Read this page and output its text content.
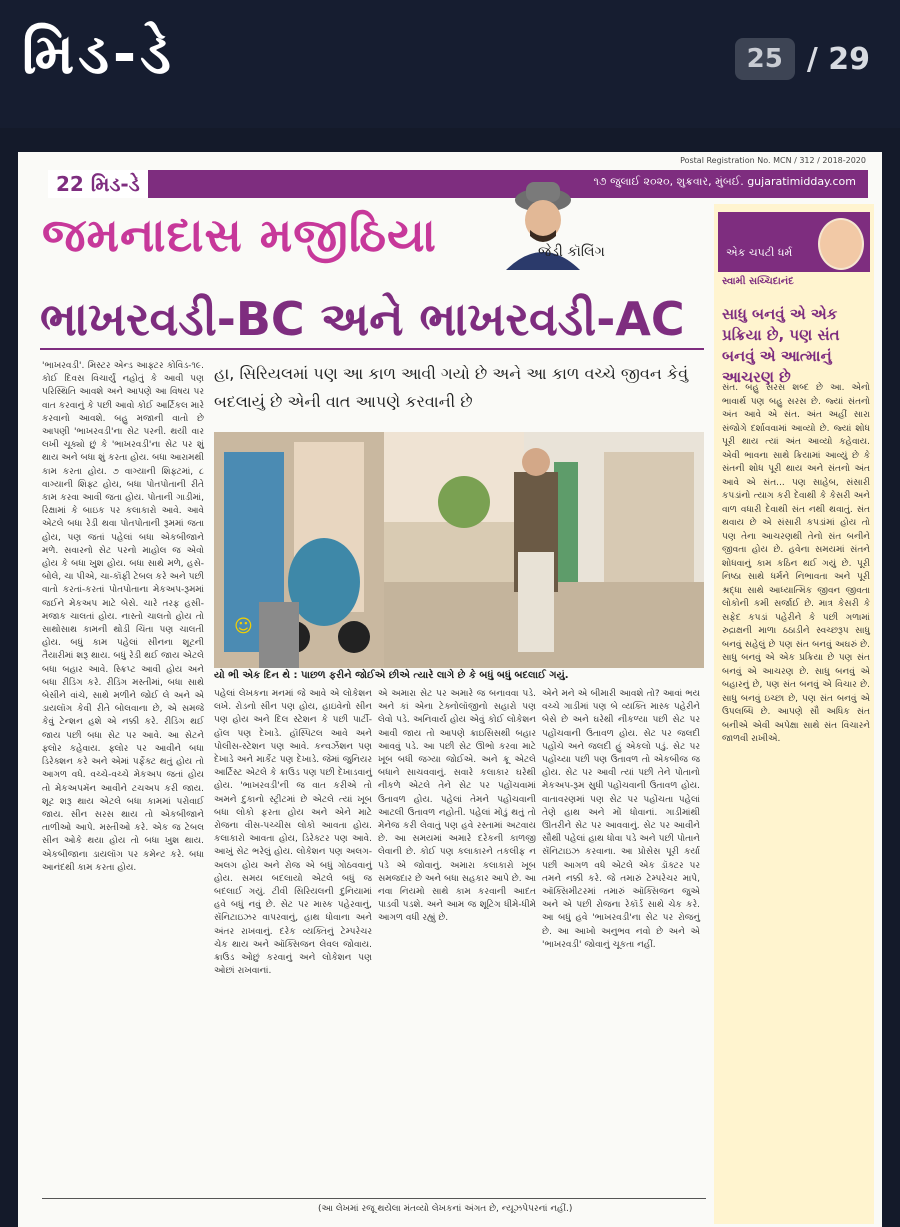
મિડ-ડે	25 / 29
Postal Registration No. MCN / 312 / 2018-2020
22 મિડ-ડે	૧૭ જુલાઈ ૨૦૨૦, શુક્રવાર, મુંબઈ. gujaratimidday.com
જમનાદાસ મજીઠિયા	જેડી કૉલિંગ
ભાખરવડી-BC અને ભાખરવડી-AC
'ભાખરવડી'. મિસ્ટર એન્ડ આફ્ટર કોવિડ-૧૯. કોઈ દિવસ વિચાર્યું નહોતું કે આવી પણ પરિસ્થિતિ આવશે અને આપણે આ વિષય પર વાત કરવાનું કે પછી આવો કોઈ આર્ટિકલ મારે કરવાનો આવશે. બહુ મજાની વાતો છે આપણી 'ભાખરવડી'ના સેટ પરની. થયી વાર લખી ચૂક્યો છું કે 'ભાખરવડી'ના સેટ પર શું થાય અને બધા શું કરતા હોય. બધા આરામથી કામ કરતા હોય. ૭ વાગ્યાની શિફ્ટમાં, ૮ વાગ્યાની શિફ્ટ હોય, બધા પોતપોતાની રીતે કામ કરવા આવી જતા હોય. પોતાની ગાડીમાં, રિક્ષામાં કે બાઇક પર કલાકારો આવે. આવે એટલે બધા રેડી થવા પોતપોતાની રૂમમાં જતા હોય, પણ જતાં પહેલાં બધા એકબીજાને મળે. સવારનો સેટ પરનો માહોલ જ એવો હોય કે બધા ખુશ હોય. બધા સાથે મળે, હસે-બોલે, ચા પીએ, ચા-કૉફી ટેબલ કરે અને પછી વાતો કરતાં-કરતાં પોતપોતાના મેકઅપ-રૂમમાં જઈને મેકઅપ માટે બેસે. ચારે તરફ હસી-મજાક ચાલતાં હોય. નાસ્તો ચાલતો હોય તો સાથોસાથ કામની થોડી ચિંતા પણ ચાલતી હોય. બધું કામ પહેલાં સીનના શૂટની તૈયારીમાં શરૂ થાય. બધું રેડી થઈ જાય એટલે બધા બહાર આવે. સ્ક્રિપ્ટ આવી હોય અને બધા રીડિંગ કરે. રીડિંગ મસ્તીમાં, બધા સાથે બેસીને વાંચે, સાથે મળીને જોઈ લે અને એ ડાયલૉગ કેવી રીતે બોલવાના છે, એ સમજે કેવું ટેન્શન હશે એ નક્કી કરે. રીડિંગ થઈ જાય પછી બધા સેટ પર આવે. આ સેટને ફ્લોર કહેવાય. ફ્લોર પર આવીને બધા ડિરેક્શન કરે અને એમાં પર્ફેક્ટ થતું હોય તો આગળ વધે. વચ્ચે-વચ્ચે મેકઅપ જતાં હોય તો મેકઅપમૅન આવીને ટચઅપ કરી જાય. શૂટ શરૂ થાય એટલે બધા કામમાં પરોવાઈ જાય. સીન સરસ થાય તો એકબીજાને તાળીઓ આપે. મસ્તીઓ કરે. એક જ ટેબલ સીન ઓકે થયા હોય તો બધા ખુશ થાય. એકબીજાના ડાયલૉગ પર કમેન્ટ કરે. બધા આનંદથી કામ કરતા હોય.
હા, સિરિયલમાં પણ આ કાળ આવી ગયો છે અને આ કાળ વચ્ચે જીવન કેવું બદલાયું છે એની વાત આપણે કરવાની છે
☺
યો ભી એક દિન થે : પાછળ ફરીને જોઈએ છીએ ત્યારે લાગે છે કે બધું બધું બદલાઈ ગયું.
પહેલાં લેખકના મનમાં જે આવે એ લોકેશન લખે. રોડનો સીન પણ હોય, હાઇવેનો સીન પણ હોય અને દિલ સ્ટેશન કે પછી પાર્ટી-હૉલ પણ દેખાડે. હૉસ્પિટલ આવે અને પોલીસ-સ્ટેશન પણ આવે. કન્વર્ઝેશન પણ દેખાડે અને માર્કેટ પણ દેખાડે. જેમાં જુનિયર આર્ટિસ્ટ એટલે કે ક્રાઉડ પણ પછી દેખાડવાનું હોય. 'ભાખરવડી'ની જ વાત કરીએ તો અમને દુકાનો સ્ટ્રીટમાં છે એટલે ત્યાં ખૂબ બધા લોકો ફરતા હોય અને એને માટે રોજના વીસ-પચ્ચીસ લોકો આવતા હોય. કલાકારો આવતા હોય, ડિરેક્ટર પણ આવે. આખું સેટ ભરેલું હોય. લોકેશન પણ અલગ-અલગ હોય અને રોજ એ બધું ગોઠવવાનું હોય. સમય બદલાયો એટલે બધું જ બદલાઈ ગયું. ટીવી સિરિયલની દુનિયામાં હવે બધું નવું છે. સેટ પર માસ્ક પહેરવાનું, સૅનિટાઇઝર વાપરવાનું, હાથ ધોવાના અને અંતર રાખવાનું. દરેક વ્યક્તિનું ટેમ્પરેચર ચેક થાય અને ઑક્સિજન લેવલ જોવાય. ક્રાઉડ ઓછું કરવાનું અને લોકેશન પણ ઓછાં રાખવાનાં.
એ અમારા સેટ પર અમારે જ બનાવવા પડે. અને કાં એના ટેક્નોલૉજીનો સહારો પણ લેવો પડે. અનિવાર્ય હોય એવું કોઈ લોકેશન આવી જાય તો આપણે ક્રાઇસિસથી બહાર આવવું પડે. આ પછી સેટ ઊભો કરવા માટે ખૂબ બધી જગ્યા જોઈએ. અને ક્રૂ એટલે બધાને સાચવવાનું. સવારે કલાકાર ઘરેથી નીકળે એટલે તેને સેટ પર પહોંચવામાં ઉતાવળ હોય. પહેલાં તેમને પહોંચવાની આટલી ઉતાવળ નહોતી. પહેલાં મોડું થતું તો મેનેજ કરી લેવાતું પણ હવે રસ્તામાં અટવાય છે. આ સમયમાં અમારે દરેકની કાળજી લેવાની છે. કોઈ પણ કલાકારને તકલીફ ન પડે એ જોવાનું. અમારા કલાકારો ખૂબ સમજદાર છે અને બધા સહકાર આપે છે. આ નવા નિયમો સાથે કામ કરવાની આદત પાડવી પડશે. અને આમ જ શૂટિંગ ધીમે-ધીમે આગળ વધી રહ્યું છે.
એને મને એ બીમારી આવશે તો? આવાં ભય વચ્ચે ગાડીમાં પણ બે વ્યક્તિ માસ્ક પહેરીને બેસે છે અને ઘરેથી નીકળ્યા પછી સેટ પર પહોંચવાની ઉતાવળ હોય. સેટ પર જલદી પહોંચે અને જલદી હું એકલો પડું. સેટ પર પહોંચ્યા પછી પણ ઉતાવળ તો એકબીજ જ હોય. સેટ પર આવી ત્યાં પછી તેને પોતાનો મેકઅપ-રૂમ સુધી પહોંચવાની ઉતાવળ હોય. વાતાવરણમાં પણ સેટ પર પહોંચતા પહેલાં તેણે હાથ અને મોં ધોવાનાં. ગાડીમાંથી ઊતરીને સેટ પર આવવાનું. સેટ પર આવીને સૌથી પહેલાં હાથ ધોવા પડે અને પછી પોતાને સૅનિટાઇઝ કરવાના. આ પ્રોસેસ પૂરી કર્યા પછી આગળ વધે એટલે એક ડૉક્ટર પર તમને નક્કી કરે. જે તમારું ટેમ્પરેચર માપે, ઑક્સિમીટરમાં તમારું ઑક્સિજન જુએ અને એ પછી રોજના રેકૉર્ડ સાથે ચેક કરે. આ બધું હવે 'ભાખરવડી'ના સેટ પર રોજનું છે. આ આખો અનુભવ નવો છે અને એ 'ભાખરવડી' જોવાનું ચૂકતા નહીં.
એક ચપટી ધર્મ
સ્વામી સચ્ચિદાનંદ
સાધુ બનવું એ એક પ્રક્રિયા છે, પણ સંત બનવું એ આત્માનું આચરણ છે
સંત. બહુ સરસ શબ્દ છે આ. એનો ભાવાર્થ પણ બહુ સરસ છે. જ્યાં સંતનો અંત આવે એ સંત. અંત અહીં સારા સંજોગે દર્શાવવામાં આવ્યો છે. જ્યાં શોધ પૂરી થાય ત્યાં અંત આવ્યો કહેવાય. એવી ભાવના સાથે ક્રિયામાં આવ્યું છે કે સંતની શોધ પૂરી થાય અને સંતનો અંત આવે એ સંત... પણ સાહેબ, સંસારી કપડાંનો ત્યાગ કરી દેવાથી કે કેસરી અને વાળ વધારી દેવાથી સંત નથી થવાતું. સંત થવાય છે એ સંસારી કપડાંમાં હોય તો પણ તેના આચરણથી તેનો સંત બનીને જીવતા હોય છે. હવેના સમયમાં સંતને શોધવાનું કામ કઠિન થઈ ગયું છે. પૂરી નિષ્ઠા સાથે ધર્મને નિભાવતા અને પૂરી શ્રદ્ધા સાથે આધ્યાત્મિક જીવન જીવતા લોકોની કમી સર્જાઈ છે. માત્ર કેસરી કે સફેદ કપડાં પહેરીને કે પછી ગળામાં રુદ્રાક્ષની માળા ઠઠાડીને સ્વચ્છરૂપ સાધુ બનવું સહેલું છે પણ સંત બનવું અઘરું છે. સાધુ બનવું એ એક પ્રક્રિયા છે પણ સંત બનવું એ આચરણ છે. સાધુ બનવું એ બહારનું છે, પણ સંત બનવું એ વિચાર છે. સાધુ બનવું ઇચ્છા છે, પણ સંત બનવું એ ઉપલબ્ધિ છે. આપણે સૌ અધિક સંત બનીએ એવી અપેક્ષા સાથે સંત વિચારને જાળવી રાખીએ.
(આ લેખમાં રજૂ થયેલા મંતવ્યો લેખકનાં અંગત છે, ન્યૂઝપેપરનાં નહીં.)
